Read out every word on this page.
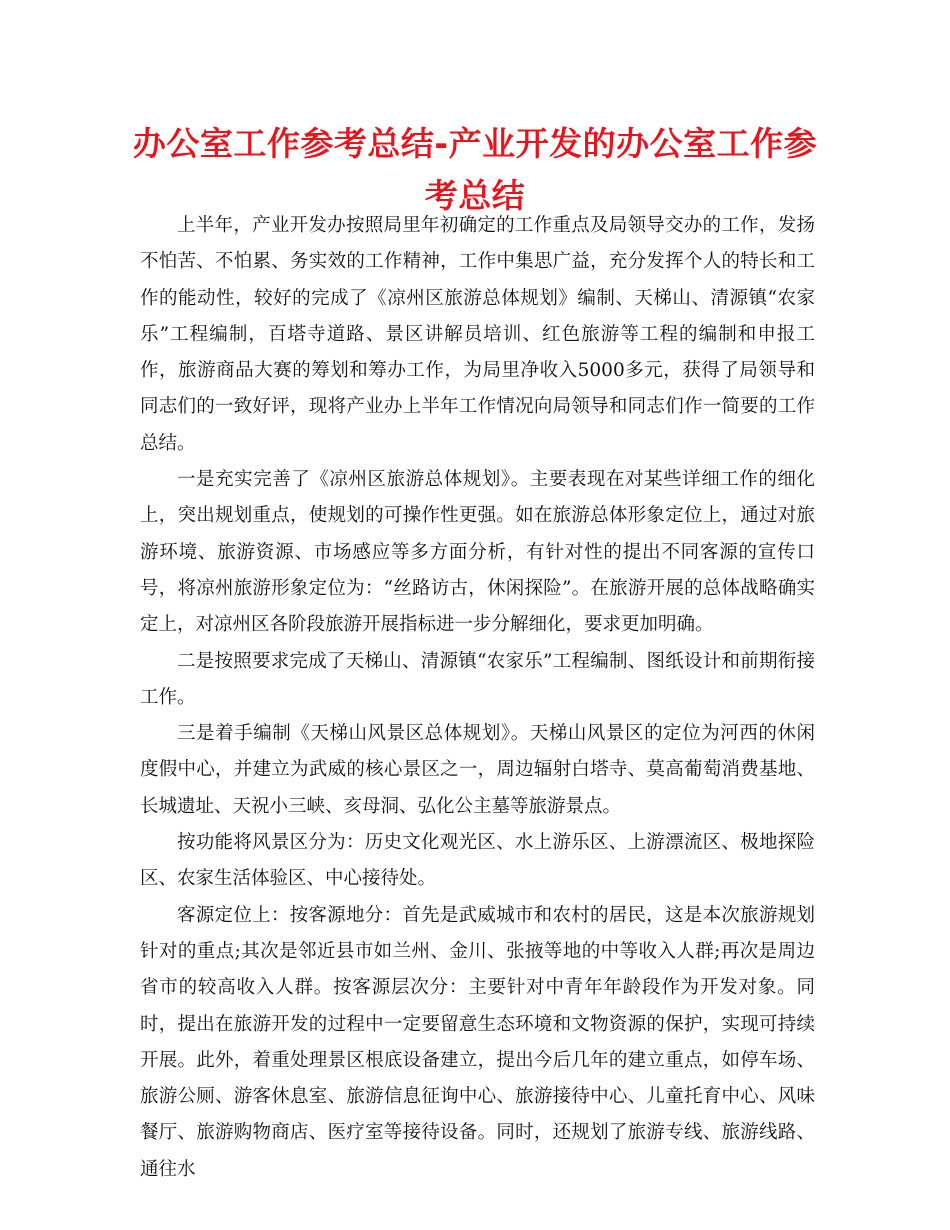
办公室工作参考总结-产业开发的办公室工作参考总结

上半年，产业开发办按照局里年初确定的工作重点及局领导交办的工作，发扬不怕苦、不怕累、务实效的工作精神，工作中集思广益，充分发挥个人的特长和工作的能动性，较好的完成了《凉州区旅游总体规划》编制、天梯山、清源镇“农家乐”工程编制，百塔寺道路、景区讲解员培训、红色旅游等工程的编制和申报工作，旅游商品大赛的筹划和筹办工作，为局里净收入5000多元，获得了局领导和同志们的一致好评，现将产业办上半年工作情况向局领导和同志们作一简要的工作总结。

一是充实完善了《凉州区旅游总体规划》。主要表现在对某些详细工作的细化上，突出规划重点，使规划的可操作性更强。如在旅游总体形象定位上，通过对旅游环境、旅游资源、市场感应等多方面分析，有针对性的提出不同客源的宣传口号，将凉州旅游形象定位为：“丝路访古，休闲探险”。在旅游开展的总体战略确实定上，对凉州区各阶段旅游开展指标进一步分解细化，要求更加明确。

二是按照要求完成了天梯山、清源镇“农家乐”工程编制、图纸设计和前期衔接工作。

三是着手编制《天梯山风景区总体规划》。天梯山风景区的定位为河西的休闲度假中心，并建立为武威的核心景区之一，周边辐射白塔寺、莫高葡萄消费基地、长城遗址、天祝小三峡、亥母洞、弘化公主墓等旅游景点。

按功能将风景区分为：历史文化观光区、水上游乐区、上游漂流区、极地探险区、农家生活体验区、中心接待处。

客源定位上：按客源地分：首先是武威城市和农村的居民，这是本次旅游规划针对的重点;其次是邻近县市如兰州、金川、张掖等地的中等收入人群;再次是周边省市的较高收入人群。按客源层次分：主要针对中青年年龄段作为开发对象。同时，提出在旅游开发的过程中一定要留意生态环境和文物资源的保护，实现可持续开展。此外，着重处理景区根底设备建立，提出今后几年的建立重点，如停车场、旅游公厕、游客休息室、旅游信息征询中心、旅游接待中心、儿童托育中心、风味餐厅、旅游购物商店、医疗室等接待设备。同时，还规划了旅游专线、旅游线路、通往水
